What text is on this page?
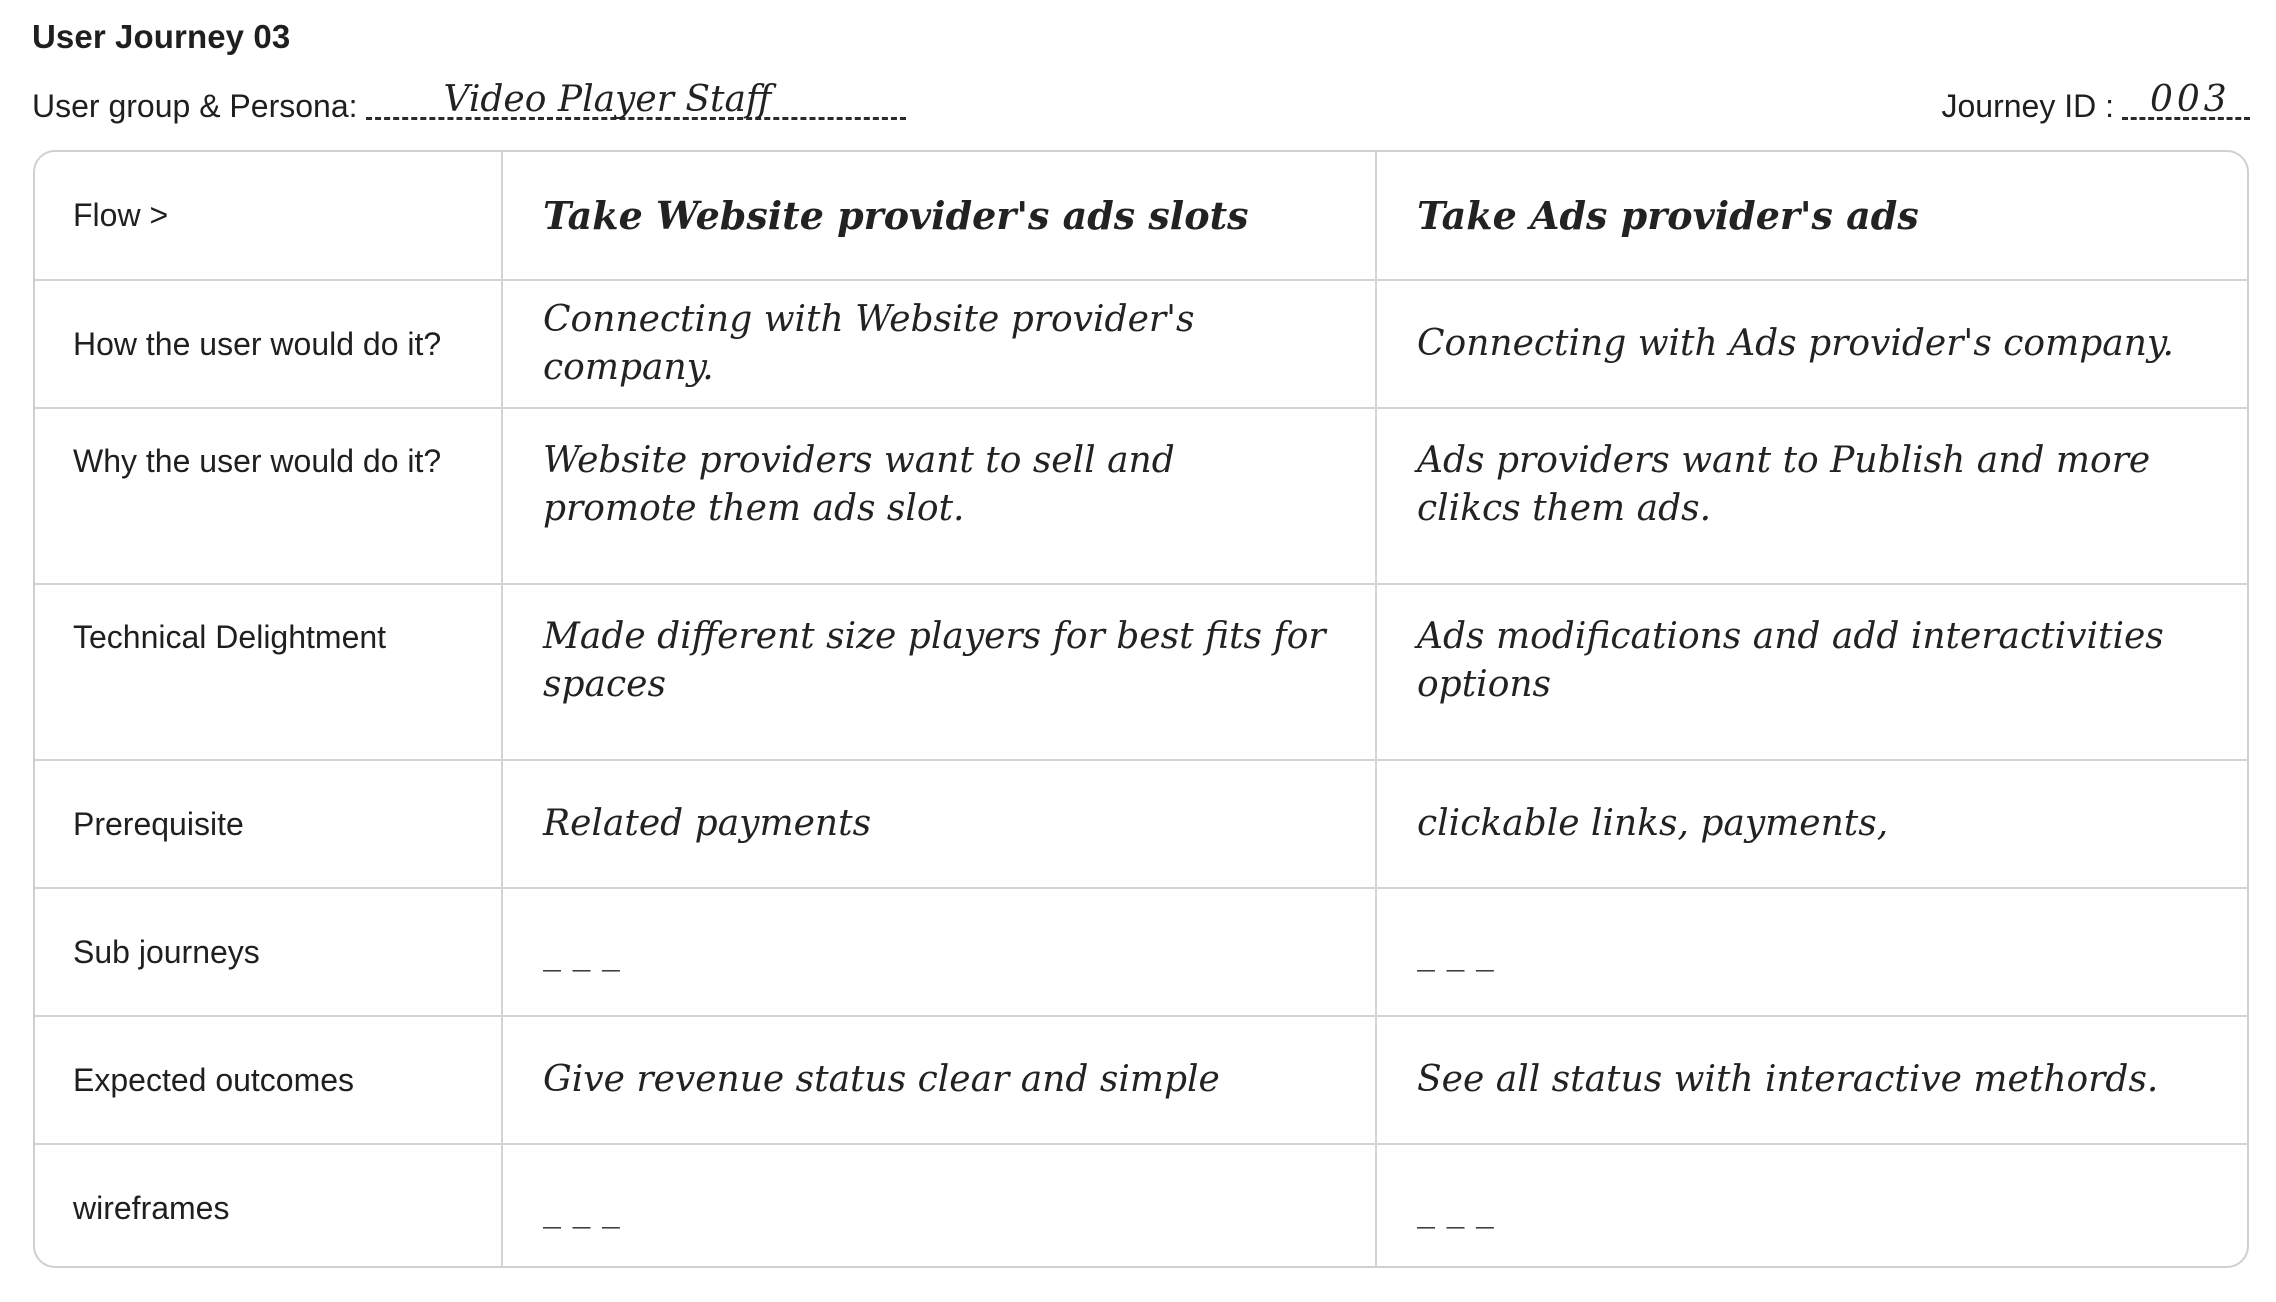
User Journey 03
User group & Persona: Video Player Staff	Journey ID : 003
Flow >	Take Website provider's ads slots	Take Ads provider's ads
How the user would do it?	Connecting with Website provider's company.	Connecting with Ads provider's company.
Why the user would do it?	Website providers want to sell and promote them ads slot.	Ads providers want to Publish and more clikcs them ads.
Technical Delightment	Made different size players for best fits for spaces	Ads modifications and add interactivities options
Prerequisite	Related payments	clickable links, payments,
Sub journeys	_ _ _	_ _ _
Expected outcomes	Give revenue status clear and simple	See all status with interactive methords.
wireframes	_ _ _	_ _ _
